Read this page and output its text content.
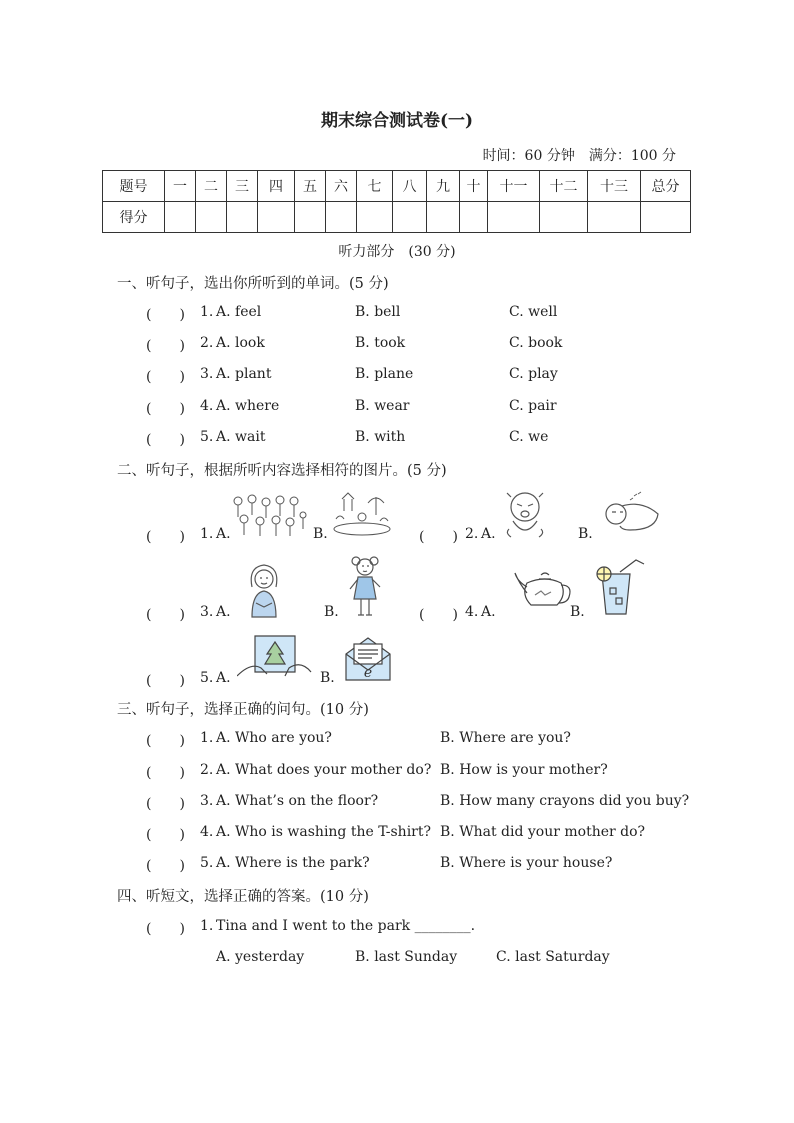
期末综合测试卷(一)
时间：60 分钟　满分：100 分
题号	一	二	三	四	五	六	七	八	九	十	十一	十二	十三	总分
得分														
听力部分　(30 分)
一、听句子，选出你所听到的单词。(5 分)
(　　) 1. A. feel	B. bell	C. well
(　　) 2. A. look	B. took	C. book
(　　) 3. A. plant	B. plane	C. play
(　　) 4. A. where	B. wear	C. pair
(　　) 5. A. wait	B. with	C. we
二、听句子，根据所听内容选择相符的图片。(5 分)
(　　) 1. A.	B.	(　　) 2. A.	B.
(　　) 3. A.	B.	(　　) 4. A.	B.
(　　) 5. A.	B. e
三、听句子，选择正确的问句。(10 分)
(　　) 1. A. Who are you?	B. Where are you?
(　　) 2. A. What does your mother do? B. How is your mother?
(　　) 3. A. What’s on the floor?	B. How many crayons did you buy?
(　　) 4. A. Who is washing the T-shirt? B. What did your mother do?
(　　) 5. A. Where is the park?	B. Where is your house?
四、听短文，选择正确的答案。(10 分)
(　　) 1. Tina and I went to the park ________.
A. yesterday	B. last Sunday	C. last Saturday
